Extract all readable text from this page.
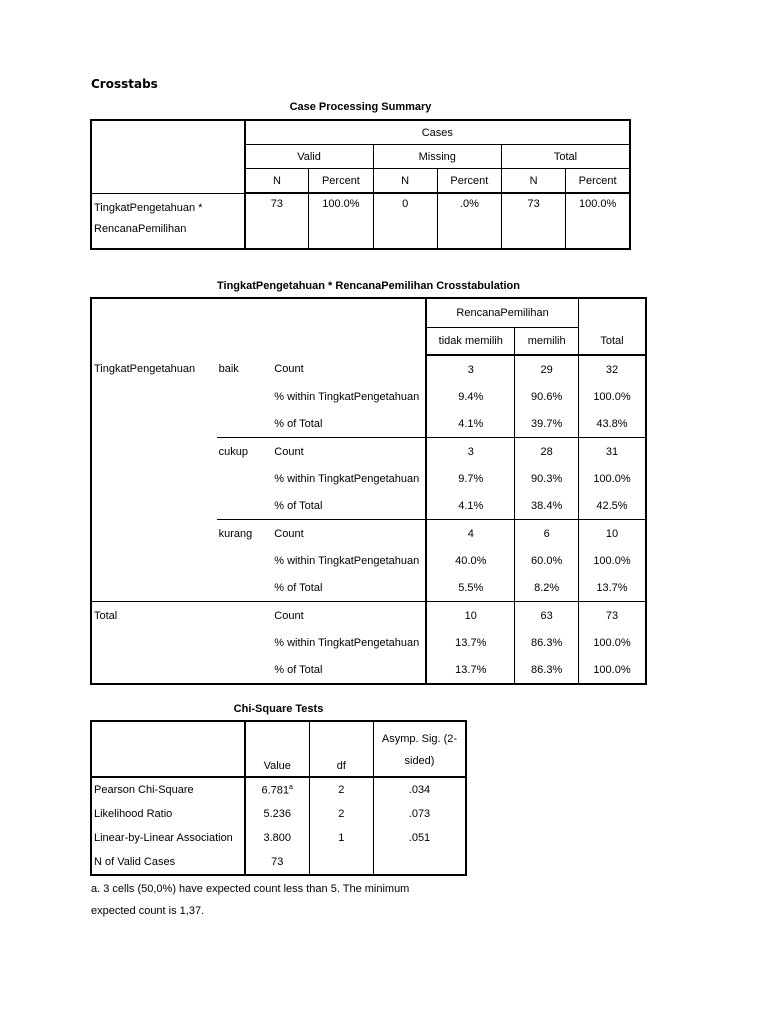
Crosstabs
Case Processing Summary
	Cases					
	Valid		Missing		Total	
	N	Percent	N	Percent	N	Percent
TingkatPengetahuan *
RencanaPemilihan	73	100.0%	0	.0%	73	100.0%
TingkatPengetahuan * RencanaPemilihan Crosstabulation
			RencanaPemilihan		
			tidak memilih	memilih	Total
TingkatPengetahuan	baik	Count	3	29	32
		% within TingkatPengetahuan	9.4%	90.6%	100.0%
		% of Total	4.1%	39.7%	43.8%
	cukup	Count	3	28	31
		% within TingkatPengetahuan	9.7%	90.3%	100.0%
		% of Total	4.1%	38.4%	42.5%
	kurang	Count	4	6	10
		% within TingkatPengetahuan	40.0%	60.0%	100.0%
		% of Total	5.5%	8.2%	13.7%
Total		Count	10	63	73
		% within TingkatPengetahuan	13.7%	86.3%	100.0%
		% of Total	13.7%	86.3%	100.0%
Chi-Square Tests
	Value	df	Asymp. Sig. (2-
sided)
Pearson Chi-Square	6.781$^a$	2	.034
Likelihood Ratio	5.236	2	.073
Linear-by-Linear Association	3.800	1	.051
N of Valid Cases	73		
a. 3 cells (50,0%) have expected count less than 5. The minimum
expected count is 1,37.
